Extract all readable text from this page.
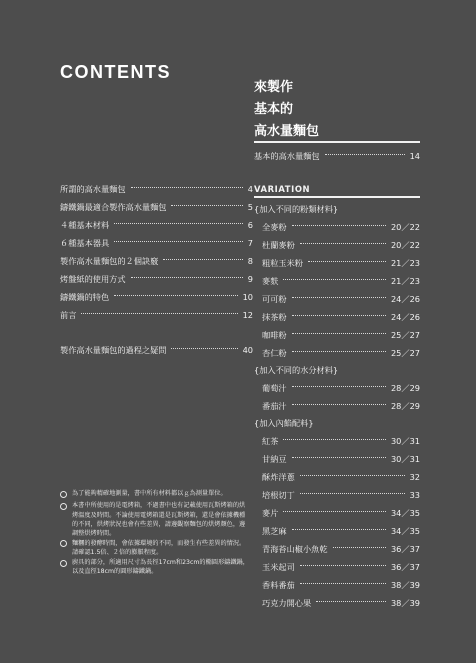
CONTENTS
來製作
基本的
高水量麵包
所謂的高水量麵包	4
鑄鐵鍋最適合製作高水量麵包	5
４種基本材料	6
６種基本器具	7
製作高水量麵包的２個訣竅	8
烤盤紙的使用方式	9
鑄鐵鍋的特色	10
前言	12
製作高水量麵包的過程之疑問	40
基本的高水量麵包	14
VARIATION
{加入不同的粉類材料}
全麥粉	20／22
杜蘭麥粉	20／22
粗粒玉米粉	21／23
麥麩	21／23
可可粉	24／26
抹茶粉	24／26
咖啡粉	25／27
杏仁粉	25／27
{加入不同的水分材料}
葡萄汁	28／29
番茄汁	28／29
{加入內餡配料}
紅茶	30／31
甘納豆	30／31
酥炸洋蔥	32
培根切丁	33
麥片	34／35
黑芝麻	34／35
青海苔山椒小魚乾	36／37
玉米起司	36／37
香料番茄	38／39
巧克力開心果	38／39
為了能夠精確地測量，書中所有材料都以ｇ為測量單位。
本書中所使用的是電烤箱，不過書中也有記載使用瓦斯烤箱的烘烤溫度及時間。不論使用電烤箱還是瓦斯烤箱，還是會依據機種的不同，烘烤狀況也會有些差異，請邊觀察麵包的烘烤顏色，邊調整烘烤時間。
麵糰的發酵時間，會依據環境的不同，而發生有些差異的情況。請確認1.5倍、２倍的膨脹程度。
廚具的部分，所適用尺寸為長徑17cm和23cm的橢圓形鑄鐵鍋，以及直徑18cm的圓形鑄鐵鍋。
